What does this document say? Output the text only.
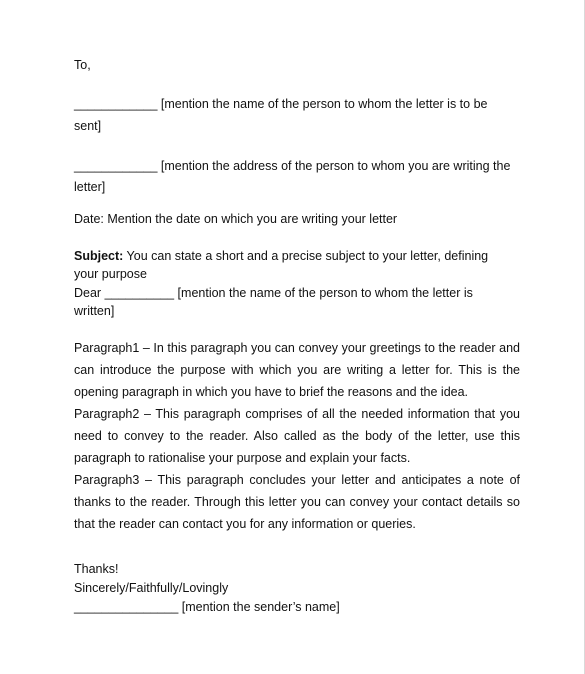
To,
____________ [mention the name of the person to whom the letter is to be
sent]
____________ [mention the address of the person to whom you are writing the
letter]
Date: Mention the date on which you are writing your letter
Subject: You can state a short and a precise subject to your letter, defining
your purpose
Dear __________ [mention the name of the person to whom the letter is
written]

Paragraph1 – In this paragraph you can convey your greetings to the reader and can introduce the purpose with which you are writing a letter for. This is the opening paragraph in which you have to brief the reasons and the idea.

Paragraph2 – This paragraph comprises of all the needed information that you need to convey to the reader. Also called as the body of the letter, use this paragraph to rationalise your purpose and explain your facts.

Paragraph3 – This paragraph concludes your letter and anticipates a note of thanks to the reader. Through this letter you can convey your contact details so that the reader can contact you for any information or queries.

Thanks!
Sincerely/Faithfully/Lovingly
_______________ [mention the sender’s name]
